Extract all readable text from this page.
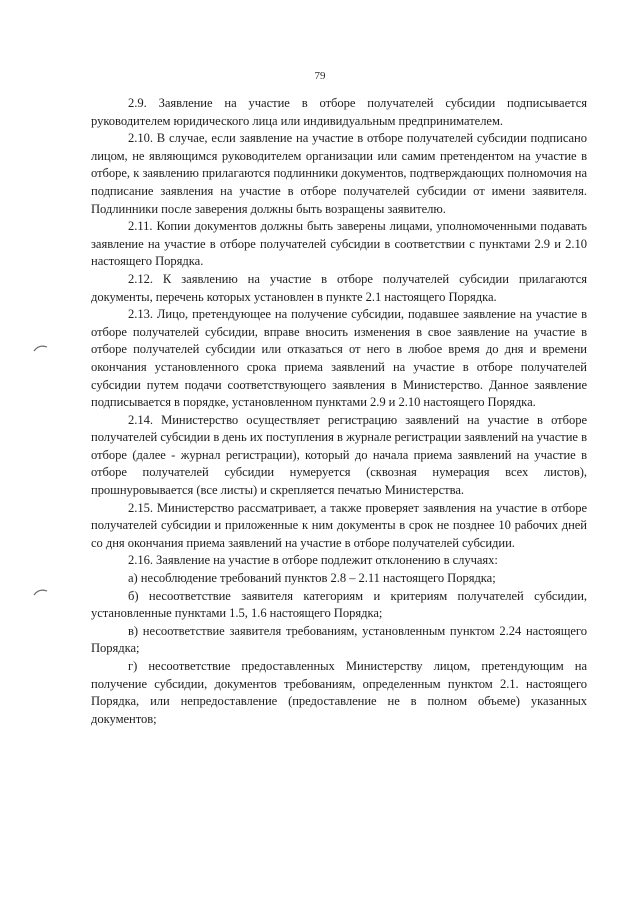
79

2.9. Заявление на участие в отборе получателей субсидии подписывается руководителем юридического лица или индивидуальным предпринимателем.

2.10. В случае, если заявление на участие в отборе получателей субсидии подписано лицом, не являющимся руководителем организации или самим претендентом на участие в отборе, к заявлению прилагаются подлинники документов, подтверждающих полномочия на подписание заявления на участие в отборе получателей субсидии от имени заявителя. Подлинники после заверения должны быть возращены заявителю.

2.11. Копии документов должны быть заверены лицами, уполномоченными подавать заявление на участие в отборе получателей субсидии в соответствии с пунктами 2.9 и 2.10 настоящего Порядка.

2.12. К заявлению на участие в отборе получателей субсидии прилагаются документы, перечень которых установлен в пункте 2.1 настоящего Порядка.

2.13. Лицо, претендующее на получение субсидии, подавшее заявление на участие в отборе получателей субсидии, вправе вносить изменения в свое заявление на участие в отборе получателей субсидии или отказаться от него в любое время до дня и времени окончания установленного срока приема заявлений на участие в отборе получателей субсидии путем подачи соответствующего заявления в Министерство. Данное заявление подписывается в порядке, установленном пунктами 2.9 и 2.10 настоящего Порядка.

2.14. Министерство осуществляет регистрацию заявлений на участие в отборе получателей субсидии в день их поступления в журнале регистрации заявлений на участие в отборе (далее - журнал регистрации), который до начала приема заявлений на участие в отборе получателей субсидии нумеруется (сквозная нумерация всех листов), прошнуровывается (все листы) и скрепляется печатью Министерства.

2.15. Министерство рассматривает, а также проверяет заявления на участие в отборе получателей субсидии и приложенные к ним документы в срок не позднее 10 рабочих дней со дня окончания приема заявлений на участие в отборе получателей субсидии.

2.16. Заявление на участие в отборе подлежит отклонению в случаях:

а) несоблюдение требований пунктов 2.8 – 2.11 настоящего Порядка;

б) несоответствие заявителя категориям и критериям получателей субсидии, установленные пунктами 1.5, 1.6 настоящего Порядка;

в) несоответствие заявителя требованиям, установленным пунктом 2.24 настоящего Порядка;

г) несоответствие предоставленных Министерству лицом, претендующим на получение субсидии, документов требованиям, определенным пунктом 2.1. настоящего Порядка, или непредоставление (предоставление не в полном объеме) указанных документов;
